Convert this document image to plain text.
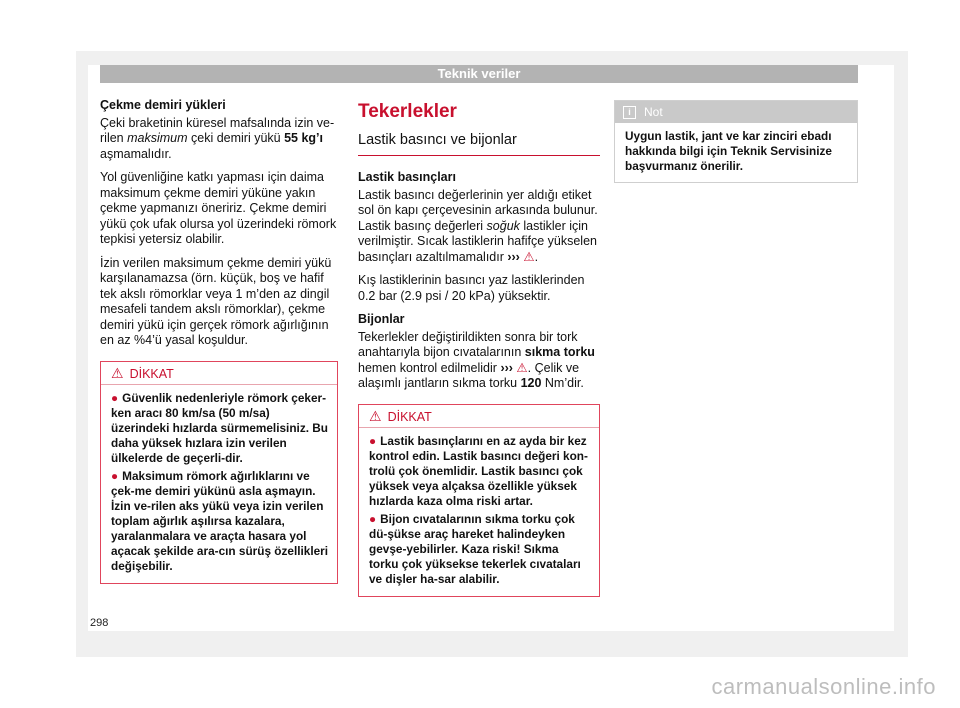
Teknik veriler

Çekme demiri yükleri

Çeki braketinin küresel mafsalında izin ve-rilen maksimum çeki demiri yükü 55 kg’ı aşmamalıdır.

Yol güvenliğine katkı yapması için daima maksimum çekme demiri yüküne yakın çekme yapmanızı öneririz. Çekme demiri yükü çok ufak olursa yol üzerindeki römork tepkisi yetersiz olabilir.

İzin verilen maksimum çekme demiri yükü karşılanamazsa (örn. küçük, boş ve hafif tek akslı römorklar veya 1 m’den az dingil mesafeli tandem akslı römorklar), çekme demiri yükü için gerçek römork ağırlığının en az %4’ü yasal koşuldur.

⚠ DİKKAT

● Güvenlik nedenleriyle römork çeker-ken aracı 80 km/sa (50 m/sa) üzerindeki hızlarda sürmemelisiniz. Bu daha yüksek hızlara izin verilen ülkelerde de geçerli-dir.

● Maksimum römork ağırlıklarını ve çek-me demiri yükünü asla aşmayın. İzin ve-rilen aks yükü veya izin verilen toplam ağırlık aşılırsa kazalara, yaralanmalara ve araçta hasara yol açacak şekilde ara-cın sürüş özellikleri değişebilir.

Tekerlekler
Lastik basıncı ve bijonlar

Lastik basınçları

Lastik basıncı değerlerinin yer aldığı etiket sol ön kapı çerçevesinin arkasında bulunur. Lastik basınç değerleri soğuk lastikler için verilmiştir. Sıcak lastiklerin hafifçe yükselen basınçları azaltılmamalıdır ››› ⚠.

Kış lastiklerinin basıncı yaz lastiklerinden 0.2 bar (2.9 psi / 20 kPa) yüksektir.

Bijonlar

Tekerlekler değiştirildikten sonra bir tork anahtarıyla bijon cıvatalarının sıkma torku hemen kontrol edilmelidir ››› ⚠. Çelik ve alaşımlı jantların sıkma torku 120 Nm’dir.

⚠ DİKKAT

● Lastik basınçlarını en az ayda bir kez kontrol edin. Lastik basıncı değeri kon-trolü çok önemlidir. Lastik basıncı çok yüksek veya alçaksa özellikle yüksek hızlarda kaza olma riski artar.

● Bijon cıvatalarının sıkma torku çok dü-şükse araç hareket halindeyken gevşe-yebilirler. Kaza riski! Sıkma torku çok yüksekse tekerlek cıvataları ve dişler ha-sar alabilir.

i Not
Uygun lastik, jant ve kar zinciri ebadı hakkında bilgi için Teknik Servisinize başvurmanız önerilir.
298
carmanualsonline.info
